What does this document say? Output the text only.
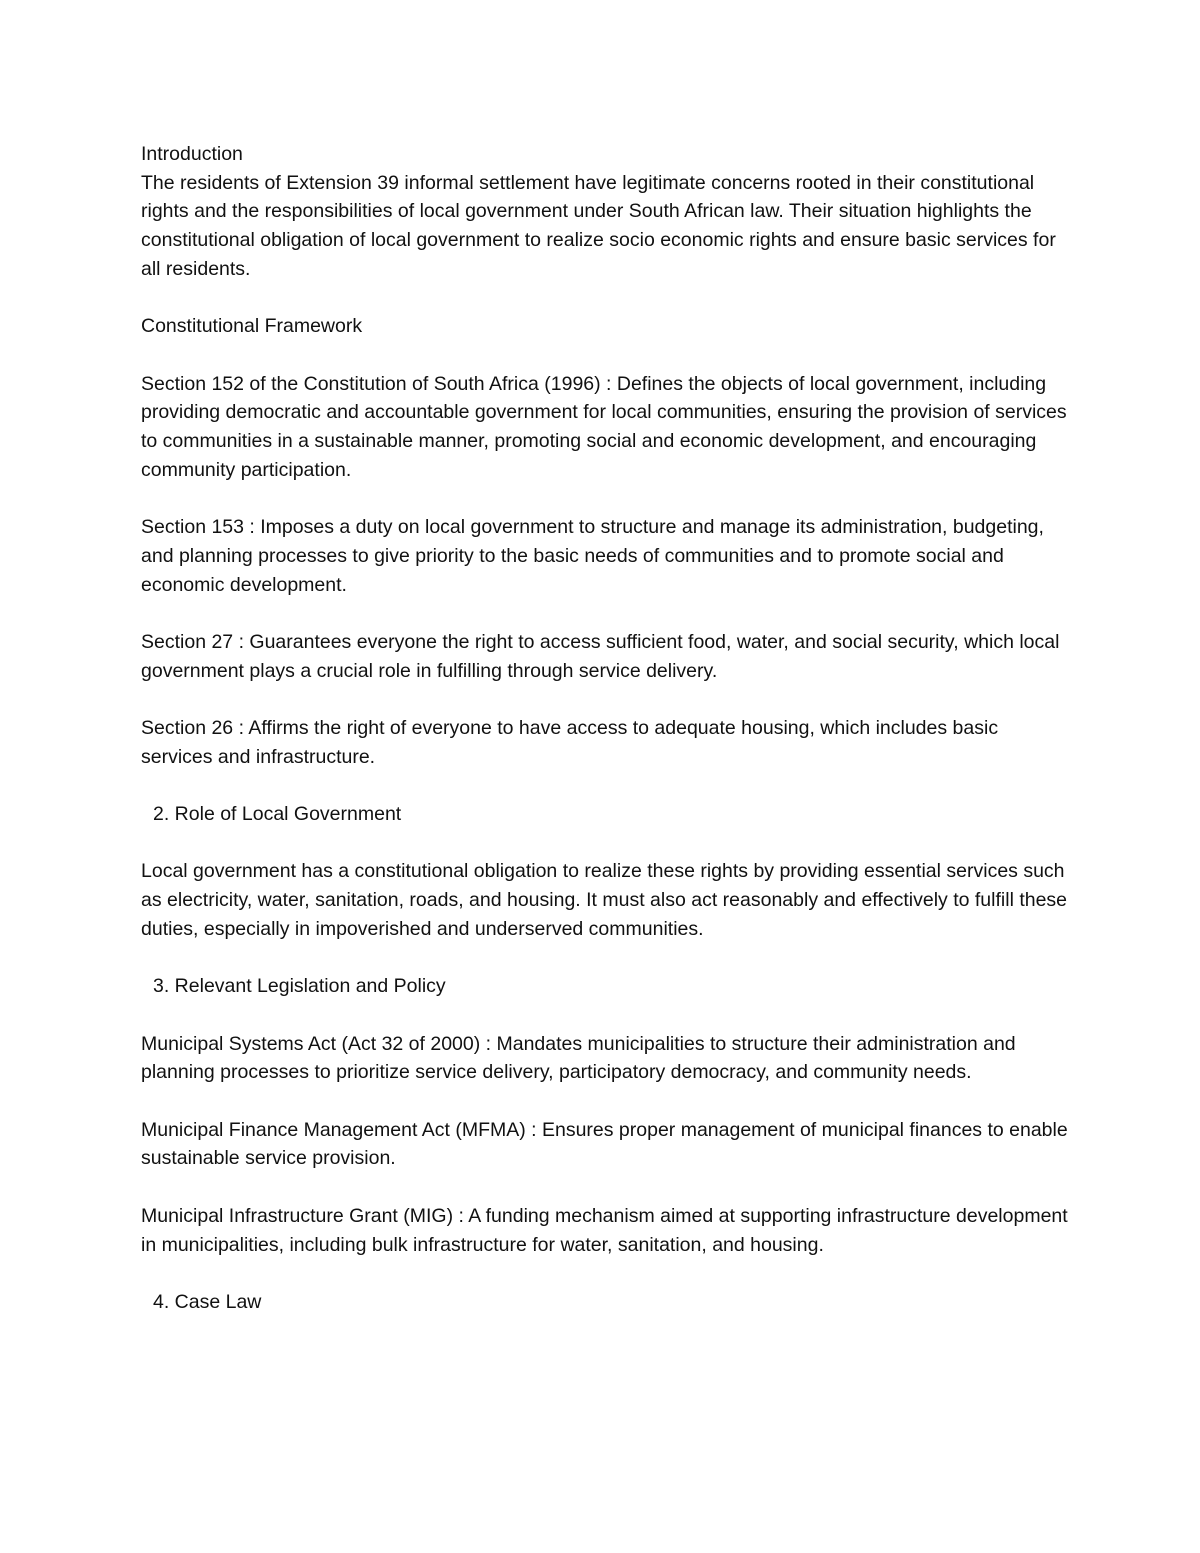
Introduction

The residents of Extension 39 informal settlement have legitimate concerns rooted in their constitutional rights and the responsibilities of local government under South African law. Their situation highlights the constitutional obligation of local government to realize socio economic rights and ensure basic services for all residents.

Constitutional Framework

Section 152 of the Constitution of South Africa (1996) : Defines the objects of local government, including providing democratic and accountable government for local communities, ensuring the provision of services to communities in a sustainable manner, promoting social and economic development, and encouraging community participation.

Section 153 : Imposes a duty on local government to structure and manage its administration, budgeting, and planning processes to give priority to the basic needs of communities and to promote social and economic development.

Section 27 : Guarantees everyone the right to access sufficient food, water, and social security, which local government plays a crucial role in fulfilling through service delivery.

Section 26 : Affirms the right of everyone to have access to adequate housing, which includes basic services and infrastructure.

2. Role of Local Government

Local government has a constitutional obligation to realize these rights by providing essential services such as electricity, water, sanitation, roads, and housing. It must also act reasonably and effectively to fulfill these duties, especially in impoverished and underserved communities.

3. Relevant Legislation and Policy

Municipal Systems Act (Act 32 of 2000) : Mandates municipalities to structure their administration and planning processes to prioritize service delivery, participatory democracy, and community needs.

Municipal Finance Management Act (MFMA) : Ensures proper management of municipal finances to enable sustainable service provision.

Municipal Infrastructure Grant (MIG) : A funding mechanism aimed at supporting infrastructure development in municipalities, including bulk infrastructure for water, sanitation, and housing.

4. Case Law
